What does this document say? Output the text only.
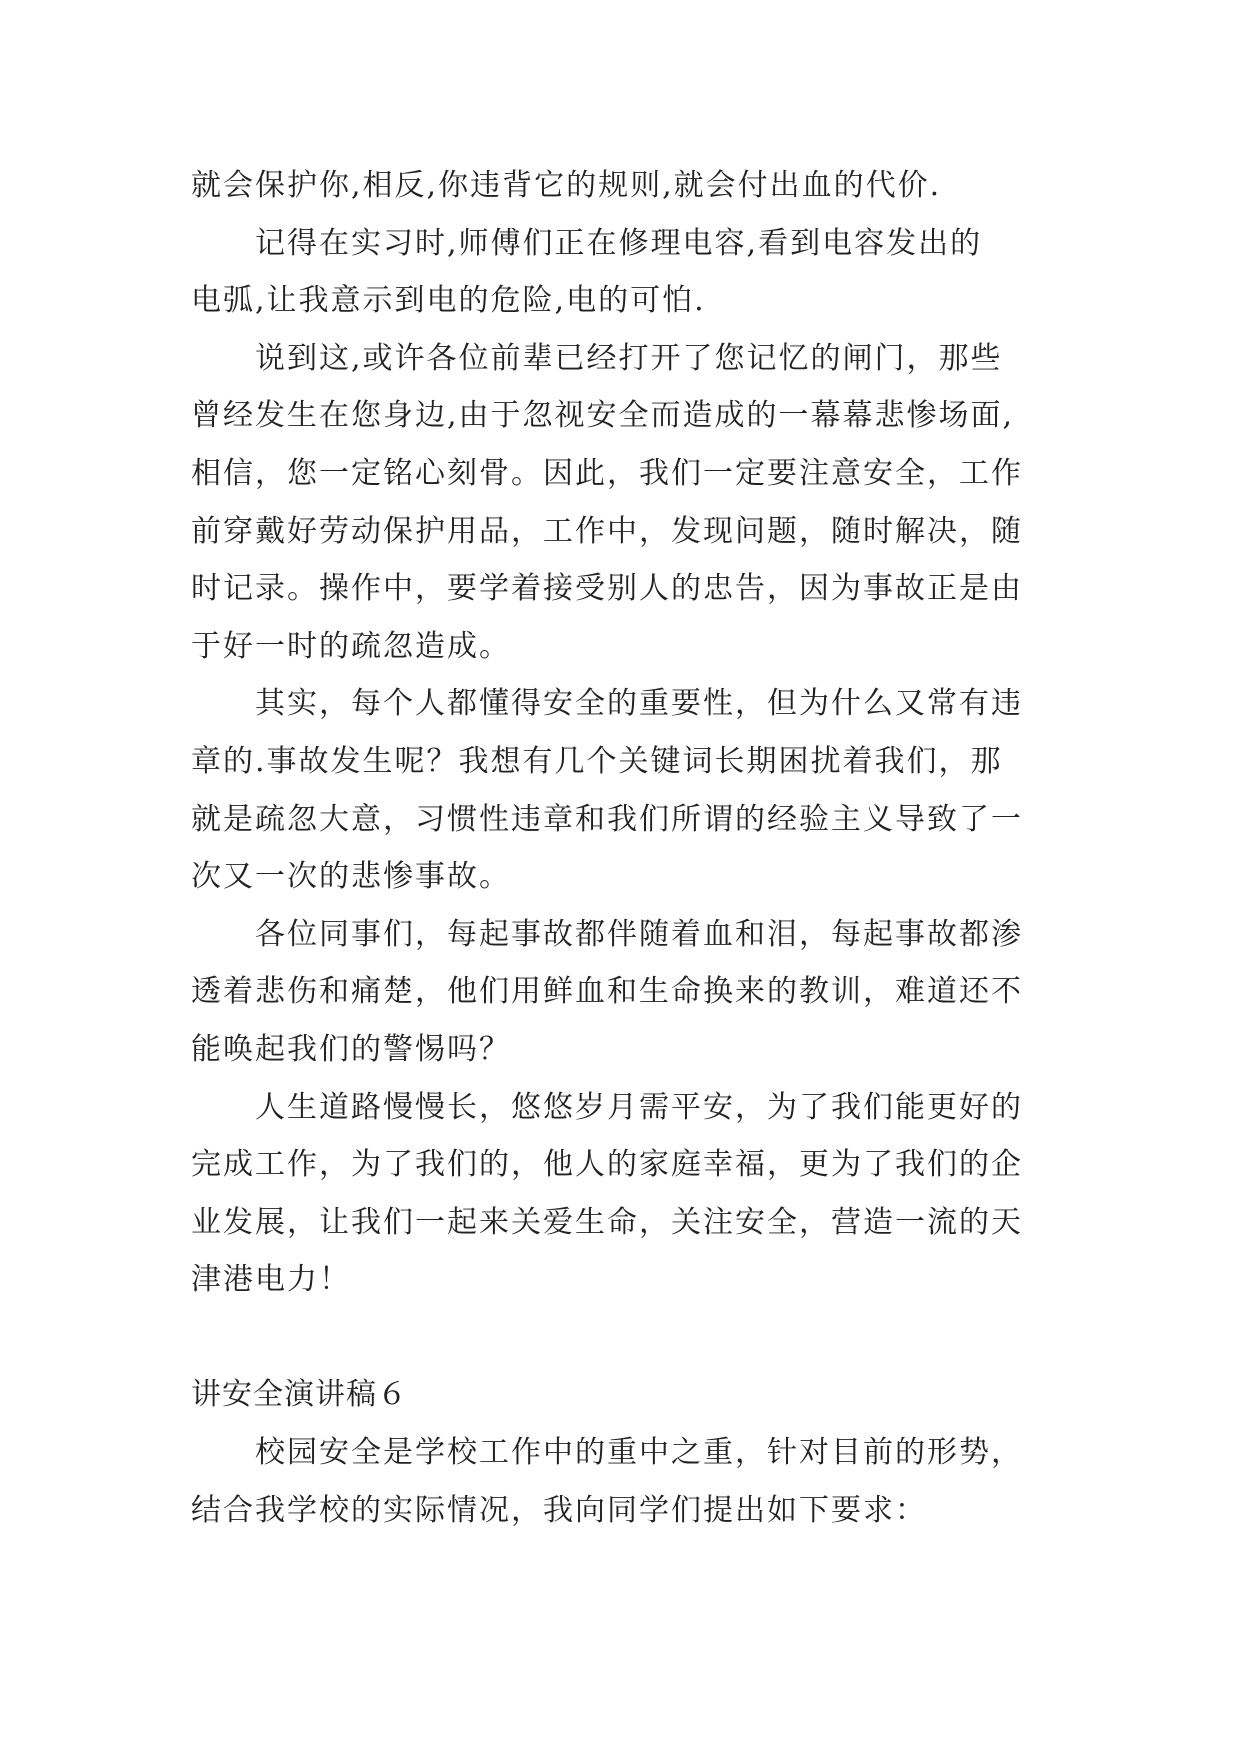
就会保护你,相反,你违背它的规则,就会付出血的代价.
记得在实习时,师傅们正在修理电容,看到电容发出的
电弧,让我意示到电的危险,电的可怕.
说到这,或许各位前辈已经打开了您记忆的闸门，那些
曾经发生在您身边,由于忽视安全而造成的一幕幕悲惨场面,
相信，您一定铭心刻骨。因此，我们一定要注意安全，工作
前穿戴好劳动保护用品，工作中，发现问题，随时解决，随
时记录。操作中，要学着接受别人的忠告，因为事故正是由
于好一时的疏忽造成。
其实，每个人都懂得安全的重要性，但为什么又常有违
章的.事故发生呢？我想有几个关键词长期困扰着我们，那
就是疏忽大意，习惯性违章和我们所谓的经验主义导致了一
次又一次的悲惨事故。
各位同事们，每起事故都伴随着血和泪，每起事故都渗
透着悲伤和痛楚，他们用鲜血和生命换来的教训，难道还不
能唤起我们的警惕吗？
人生道路慢慢长，悠悠岁月需平安，为了我们能更好的
完成工作，为了我们的，他人的家庭幸福，更为了我们的企
业发展，让我们一起来关爱生命，关注安全，营造一流的天
津港电力！
讲安全演讲稿６
校园安全是学校工作中的重中之重，针对目前的形势，
结合我学校的实际情况，我向同学们提出如下要求：
